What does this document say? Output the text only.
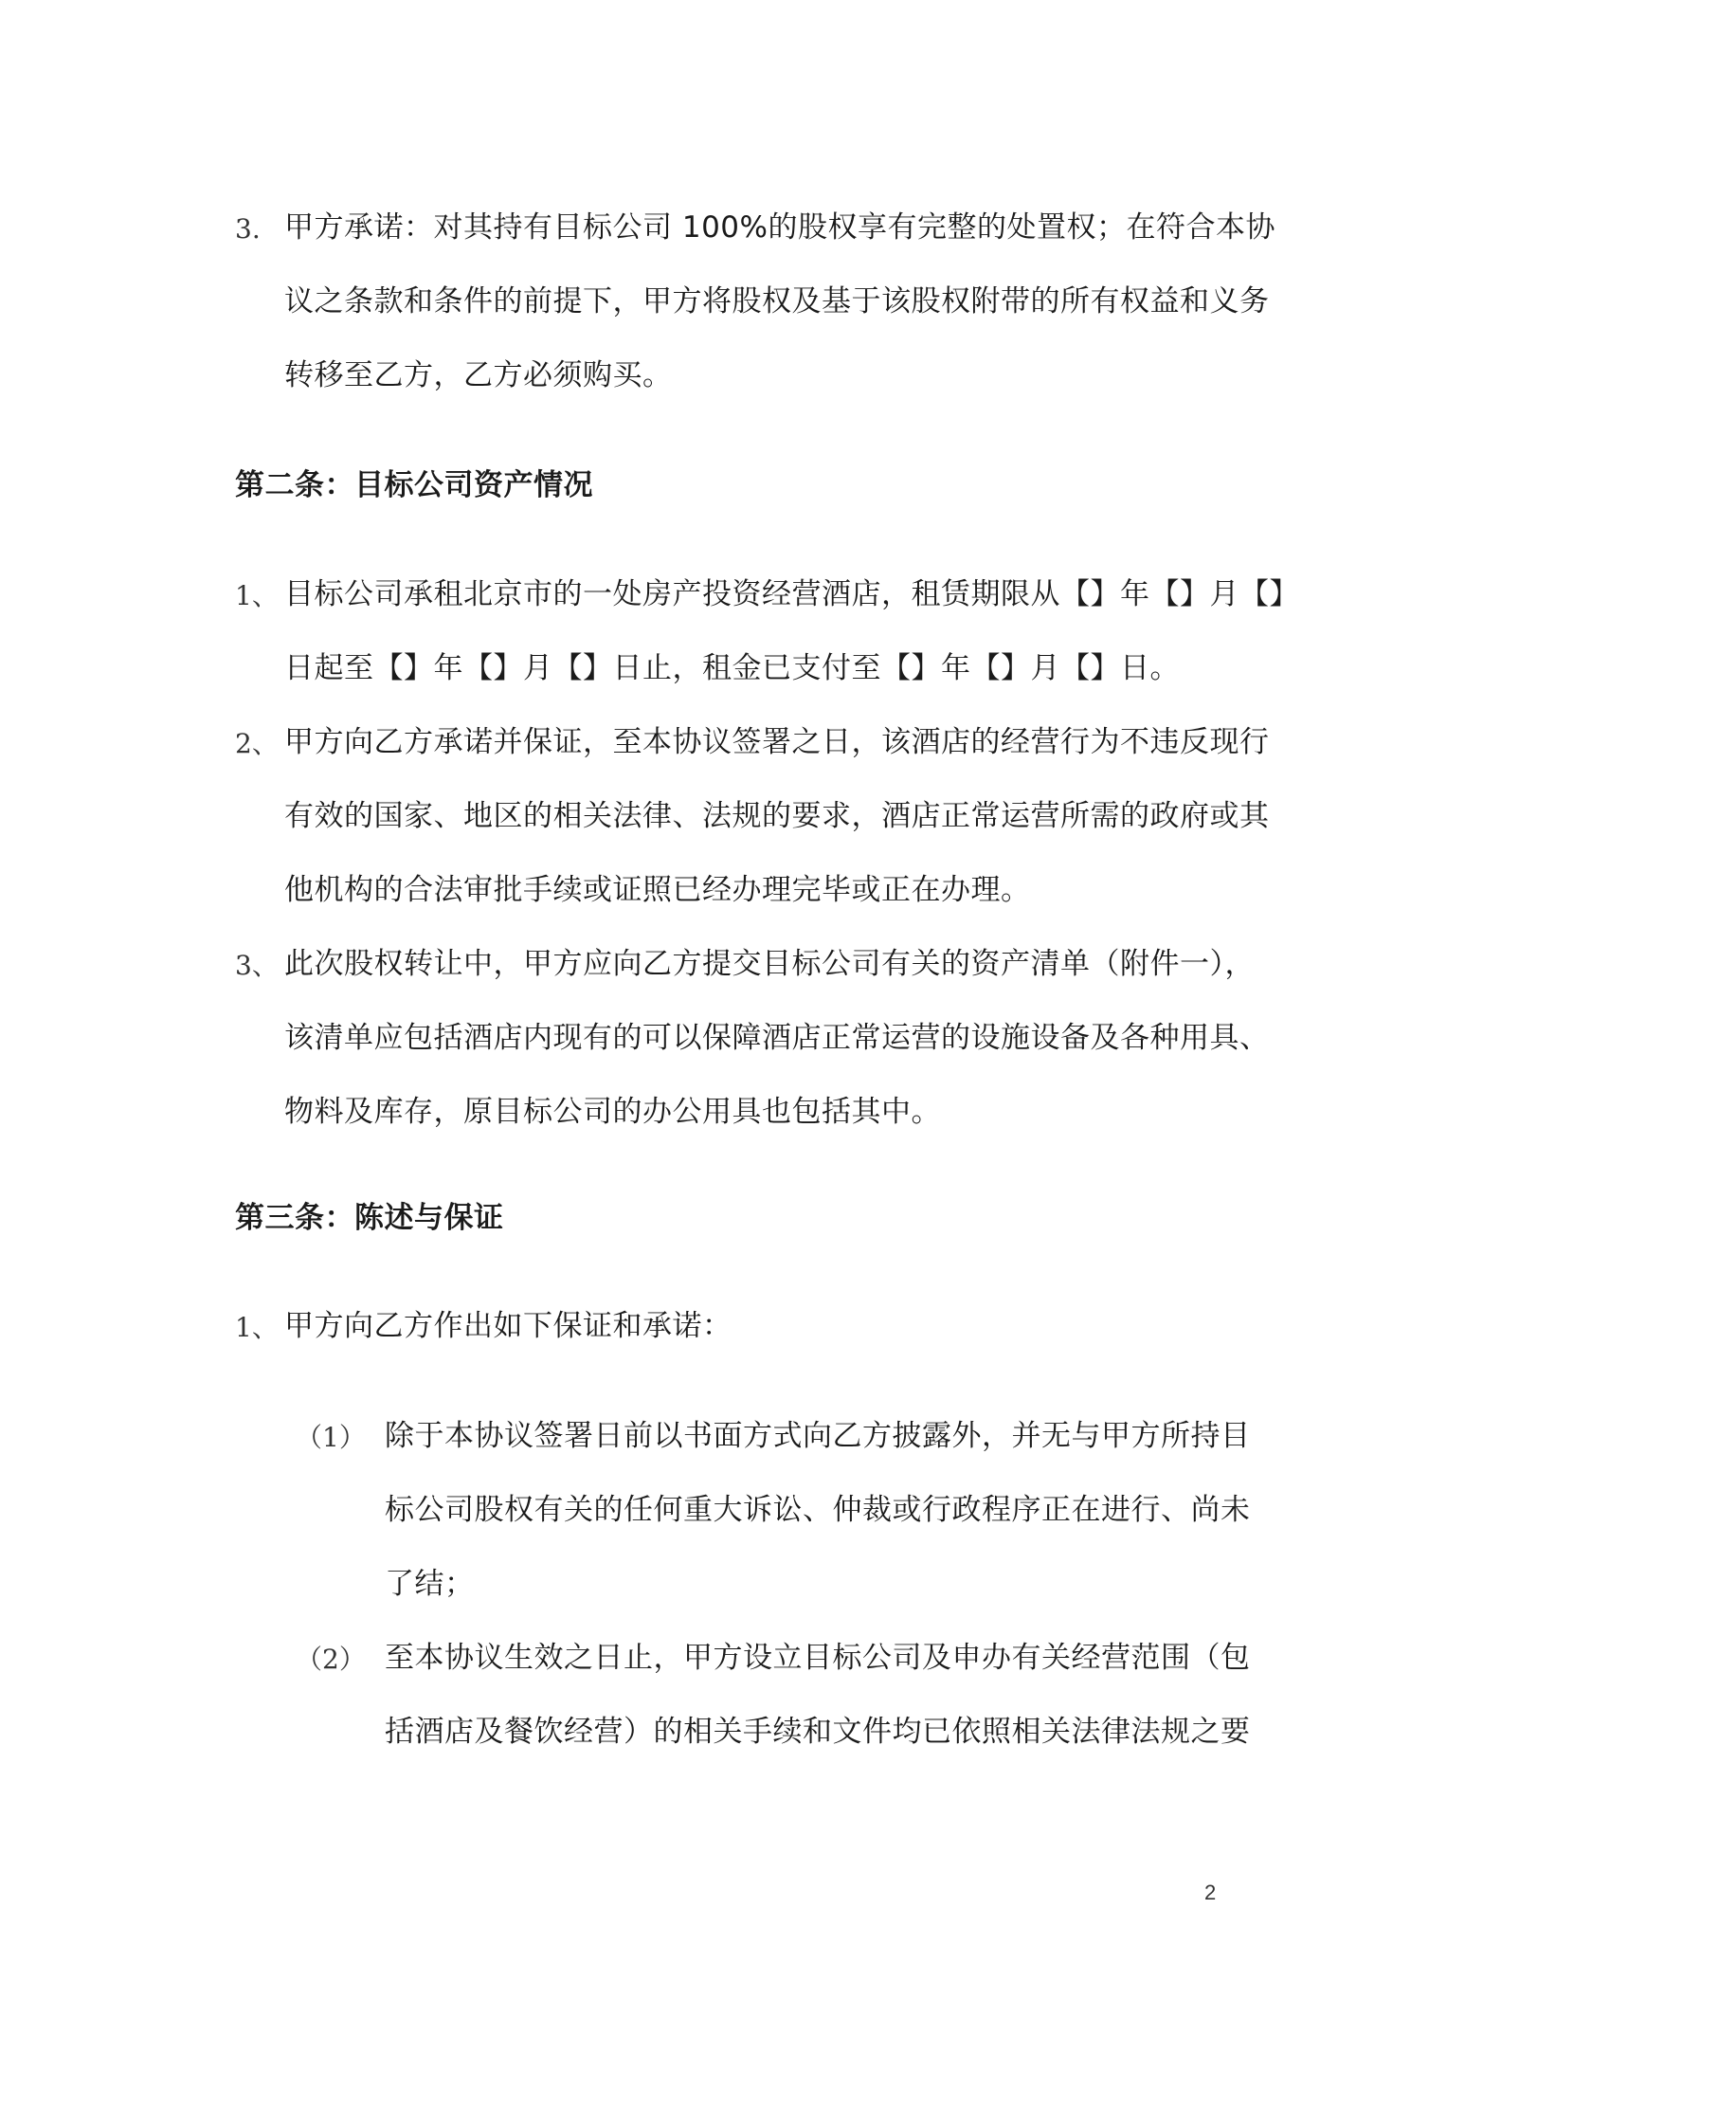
3. 甲方承诺：对其持有目标公司 100%的股权享有完整的处置权；在符合本协
议之条款和条件的前提下，甲方将股权及基于该股权附带的所有权益和义务
转移至乙方，乙方必须购买。
第二条：目标公司资产情况
1、 目标公司承租北京市的一处房产投资经营酒店，租赁期限从【】年【】月【】
日起至【】年【】月【】日止，租金已支付至【】年【】月【】日。
2、 甲方向乙方承诺并保证，至本协议签署之日，该酒店的经营行为不违反现行
有效的国家、地区的相关法律、法规的要求，酒店正常运营所需的政府或其
他机构的合法审批手续或证照已经办理完毕或正在办理。
3、 此次股权转让中，甲方应向乙方提交目标公司有关的资产清单（附件一），
该清单应包括酒店内现有的可以保障酒店正常运营的设施设备及各种用具、
物料及库存，原目标公司的办公用具也包括其中。
第三条：陈述与保证
1、 甲方向乙方作出如下保证和承诺：
（1） 除于本协议签署日前以书面方式向乙方披露外，并无与甲方所持目
标公司股权有关的任何重大诉讼、仲裁或行政程序正在进行、尚未
了结；
（2） 至本协议生效之日止，甲方设立目标公司及申办有关经营范围（包
括酒店及餐饮经营）的相关手续和文件均已依照相关法律法规之要
2
